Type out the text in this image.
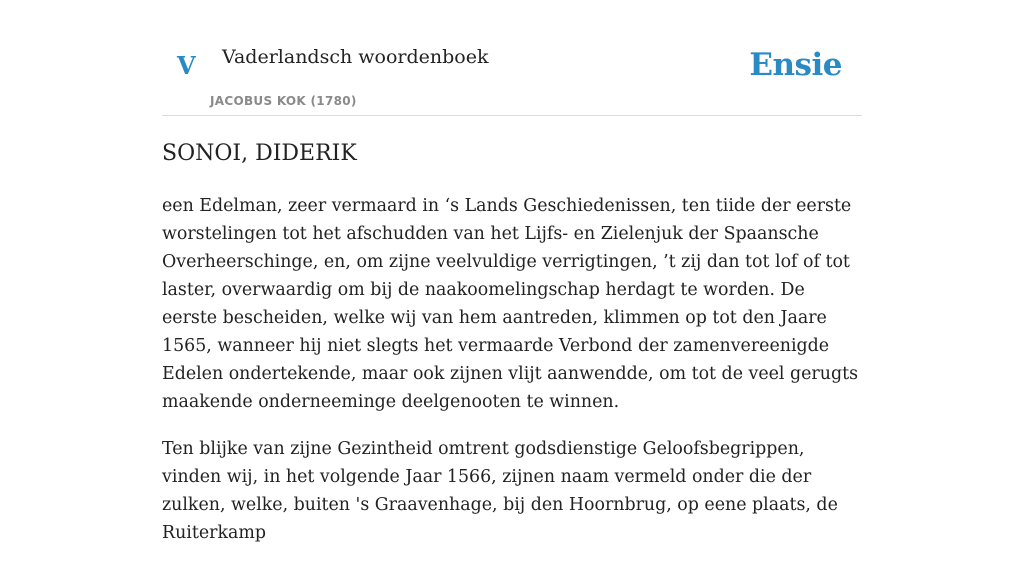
V Vaderlandsch woordenboek
JACOBUS KOK (1780)
Ensie
SONOI, DIDERIK

een Edelman, zeer vermaard in ‘s Lands Geschiedenissen, ten tiide der eerste worstelingen tot het afschudden van het Lijfs- en Zielenjuk der Spaansche Overheerschinge, en, om zijne veelvuldige verrigtingen, ’t zij dan tot lof of tot laster, overwaardig om bij de naakoomelingschap herdagt te worden. De eerste bescheiden, welke wij van hem aantreden, klimmen op tot den Jaare 1565, wanneer hij niet slegts het vermaarde Verbond der zamenvereenigde Edelen ondertekende, maar ook zijnen vlijt aanwendde, om tot de veel gerugts maakende onderneeminge deelgenooten te winnen.

Ten blijke van zijne Gezintheid omtrent godsdienstige Geloofsbegrippen, vinden wij, in het volgende Jaar 1566, zijnen naam vermeld onder die der zulken, welke, buiten 's Graavenhage, bij den Hoornbrug, op eene plaats, de Ruiterkamp
